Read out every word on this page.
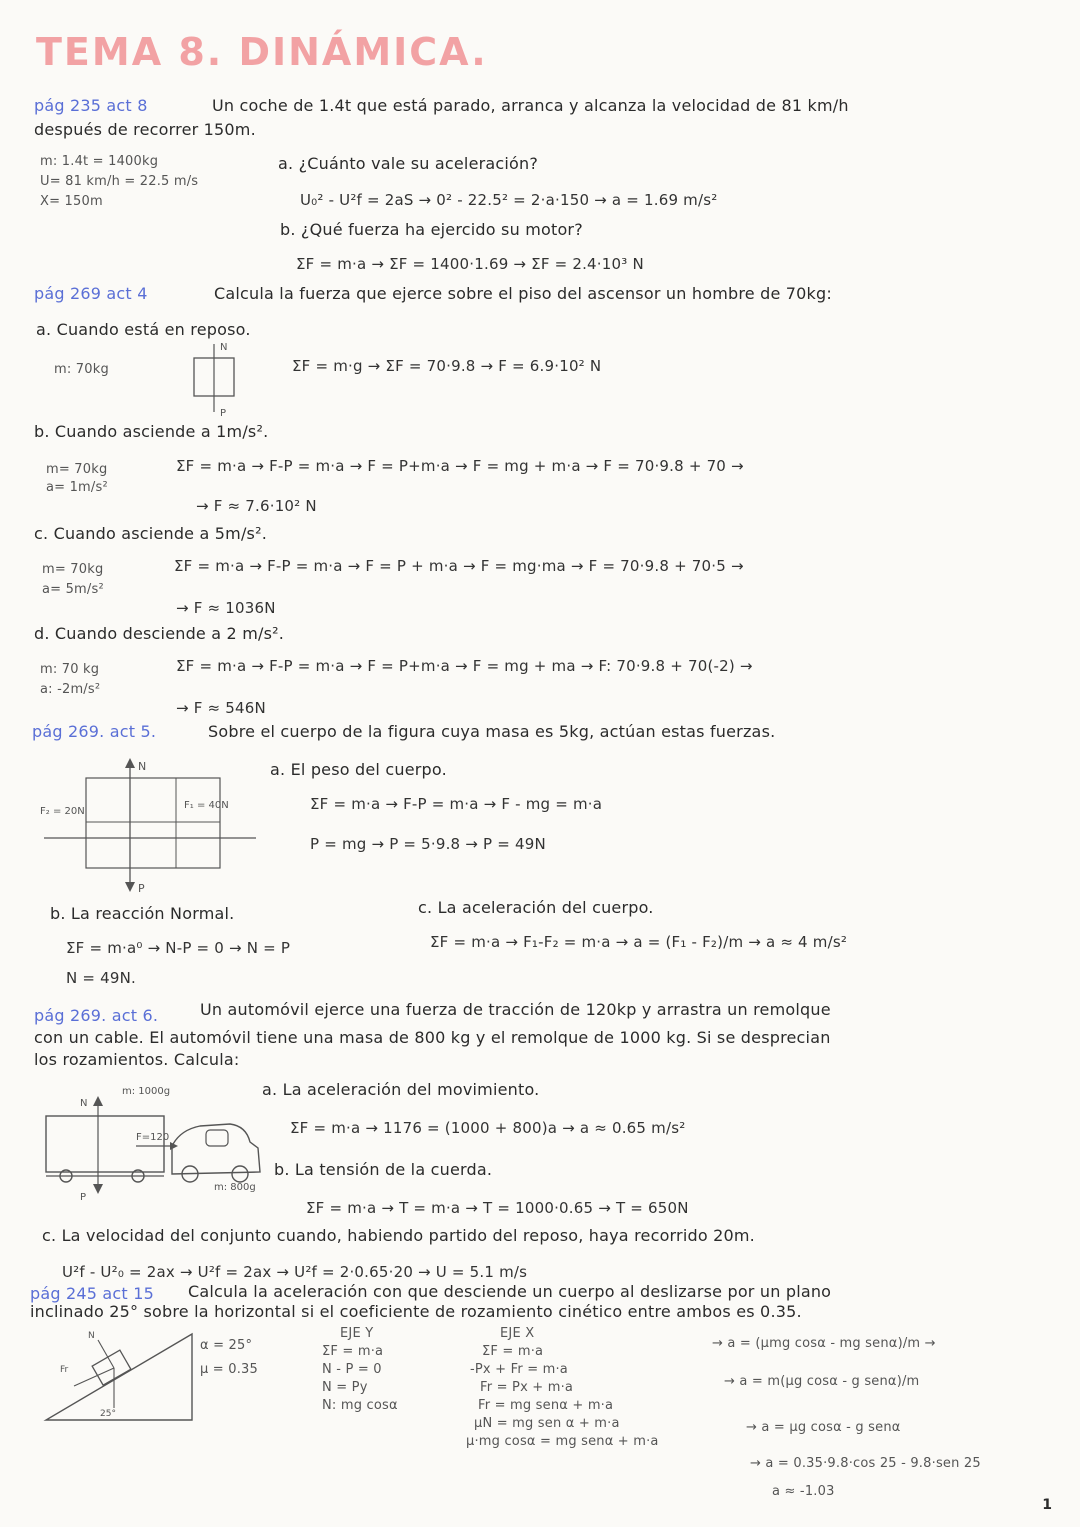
TEMA 8. DINÁMICA.
pág 235 act 8	Un coche de 1.4t que está parado, arranca y alcanza la velocidad de 81 km/h
después de recorrer 150m.
m: 1.4t = 1400kg
U= 81 km/h = 22.5 m/s
X= 150m
a. ¿Cuánto vale su aceleración?
U₀² - U²f = 2aS → 0² - 22.5² = 2·a·150 → a = 1.69 m/s²
b. ¿Qué fuerza ha ejercido su motor?
ΣF = m·a → ΣF = 1400·1.69 → ΣF = 2.4·10³ N
pág 269 act 4	Calcula la fuerza que ejerce sobre el piso del ascensor un hombre de 70kg:
a. Cuando está en reposo.
m: 70kg
N
P
ΣF = m·g → ΣF = 70·9.8 → F = 6.9·10² N
b. Cuando asciende a 1m/s².
m= 70kg
a= 1m/s²
ΣF = m·a → F-P = m·a → F = P+m·a → F = mg + m·a → F = 70·9.8 + 70 →
→ F ≈ 7.6·10² N
c. Cuando asciende a 5m/s².
m= 70kg
a= 5m/s²
ΣF = m·a → F-P = m·a → F = P + m·a → F = mg·ma → F = 70·9.8 + 70·5 →
→ F ≈ 1036N
d. Cuando desciende a 2 m/s².
m: 70 kg
a: -2m/s²
ΣF = m·a → F-P = m·a → F = P+m·a → F = mg + ma → F: 70·9.8 + 70(-2) →
→ F ≈ 546N
pág 269. act 5.	Sobre el cuerpo de la figura cuya masa es 5kg, actúan estas fuerzas.
N
P
F₂ = 20N
F₁ = 40N
a. El peso del cuerpo.
ΣF = m·a → F-P = m·a → F - mg = m·a
P = mg → P = 5·9.8 → P = 49N
b. La reacción Normal.
ΣF = m·a⁰ → N-P = 0 → N = P
N = 49N.
c. La aceleración del cuerpo.
ΣF = m·a → F₁-F₂ = m·a → a = (F₁ - F₂)/m → a ≈ 4 m/s²
pág 269. act 6.	Un automóvil ejerce una fuerza de tracción de 120kp y arrastra un remolque
con un cable. El automóvil tiene una masa de 800 kg y el remolque de 1000 kg. Si se desprecian
los rozamientos. Calcula:
m: 1000g
N
P
F=120
m: 800g
a. La aceleración del movimiento.
ΣF = m·a → 1176 = (1000 + 800)a → a ≈ 0.65 m/s²
b. La tensión de la cuerda.
ΣF = m·a → T = m·a → T = 1000·0.65 → T = 650N
c. La velocidad del conjunto cuando, habiendo partido del reposo, haya recorrido 20m.
U²f - U²₀ = 2ax → U²f = 2ax → U²f = 2·0.65·20 → U = 5.1 m/s
pág 245 act 15 Calcula la aceleración con que desciende un cuerpo al deslizarse por un plano
inclinado 25° sobre la horizontal si el coeficiente de rozamiento cinético entre ambos es 0.35.
N
Fr
25°
α = 25°
μ = 0.35
EJE Y
ΣF = m·a
N - P = 0
N = Py
N: mg cosα
EJE X
ΣF = m·a
-Px + Fr = m·a
Fr = Px + m·a
Fr = mg senα + m·a
μN = mg sen α + m·a
μ·mg cosα = mg senα + m·a
→ a = (μmg cosα - mg senα)/m →
→ a = m(μg cosα - g senα)/m
→ a = μg cosα - g senα
→ a = 0.35·9.8·cos 25 - 9.8·sen 25
a ≈ -1.03
1
